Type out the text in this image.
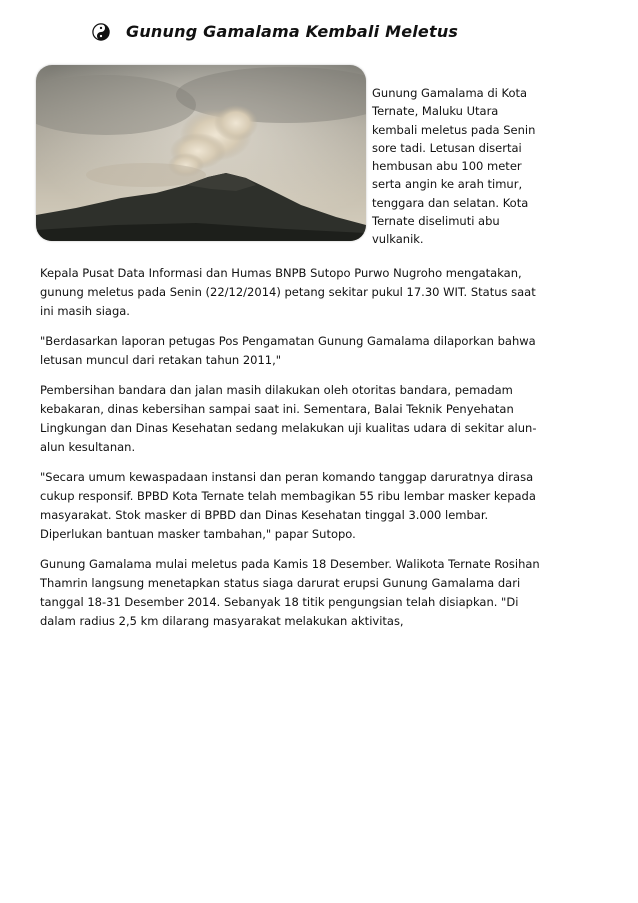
Gunung Gamalama Kembali Meletus
Gunung Gamalama di Kota
Ternate, Maluku Utara
kembali meletus pada Senin
sore tadi. Letusan disertai
hembusan abu 100 meter
serta angin ke arah timur,
tenggara dan selatan. Kota
Ternate diselimuti abu
vulkanik.

Kepala Pusat Data Informasi dan Humas BNPB Sutopo Purwo Nugroho mengatakan,
gunung meletus pada Senin (22/12/2014) petang sekitar pukul 17.30 WIT. Status saat
ini masih siaga.

"Berdasarkan laporan petugas Pos Pengamatan Gunung Gamalama dilaporkan bahwa
letusan muncul dari retakan tahun 2011,"

Pembersihan bandara dan jalan masih dilakukan oleh otoritas bandara, pemadam
kebakaran, dinas kebersihan sampai saat ini. Sementara, Balai Teknik Penyehatan
Lingkungan dan Dinas Kesehatan sedang melakukan uji kualitas udara di sekitar alun-
alun kesultanan.

"Secara umum kewaspadaan instansi dan peran komando tanggap daruratnya dirasa
cukup responsif. BPBD Kota Ternate telah membagikan 55 ribu lembar masker kepada
masyarakat. Stok masker di BPBD dan Dinas Kesehatan tinggal 3.000 lembar.
Diperlukan bantuan masker tambahan," papar Sutopo.

Gunung Gamalama mulai meletus pada Kamis 18 Desember. Walikota Ternate Rosihan
Thamrin langsung menetapkan status siaga darurat erupsi Gunung Gamalama dari
tanggal 18-31 Desember 2014. Sebanyak 18 titik pengungsian telah disiapkan. "Di
dalam radius 2,5 km dilarang masyarakat melakukan aktivitas,
